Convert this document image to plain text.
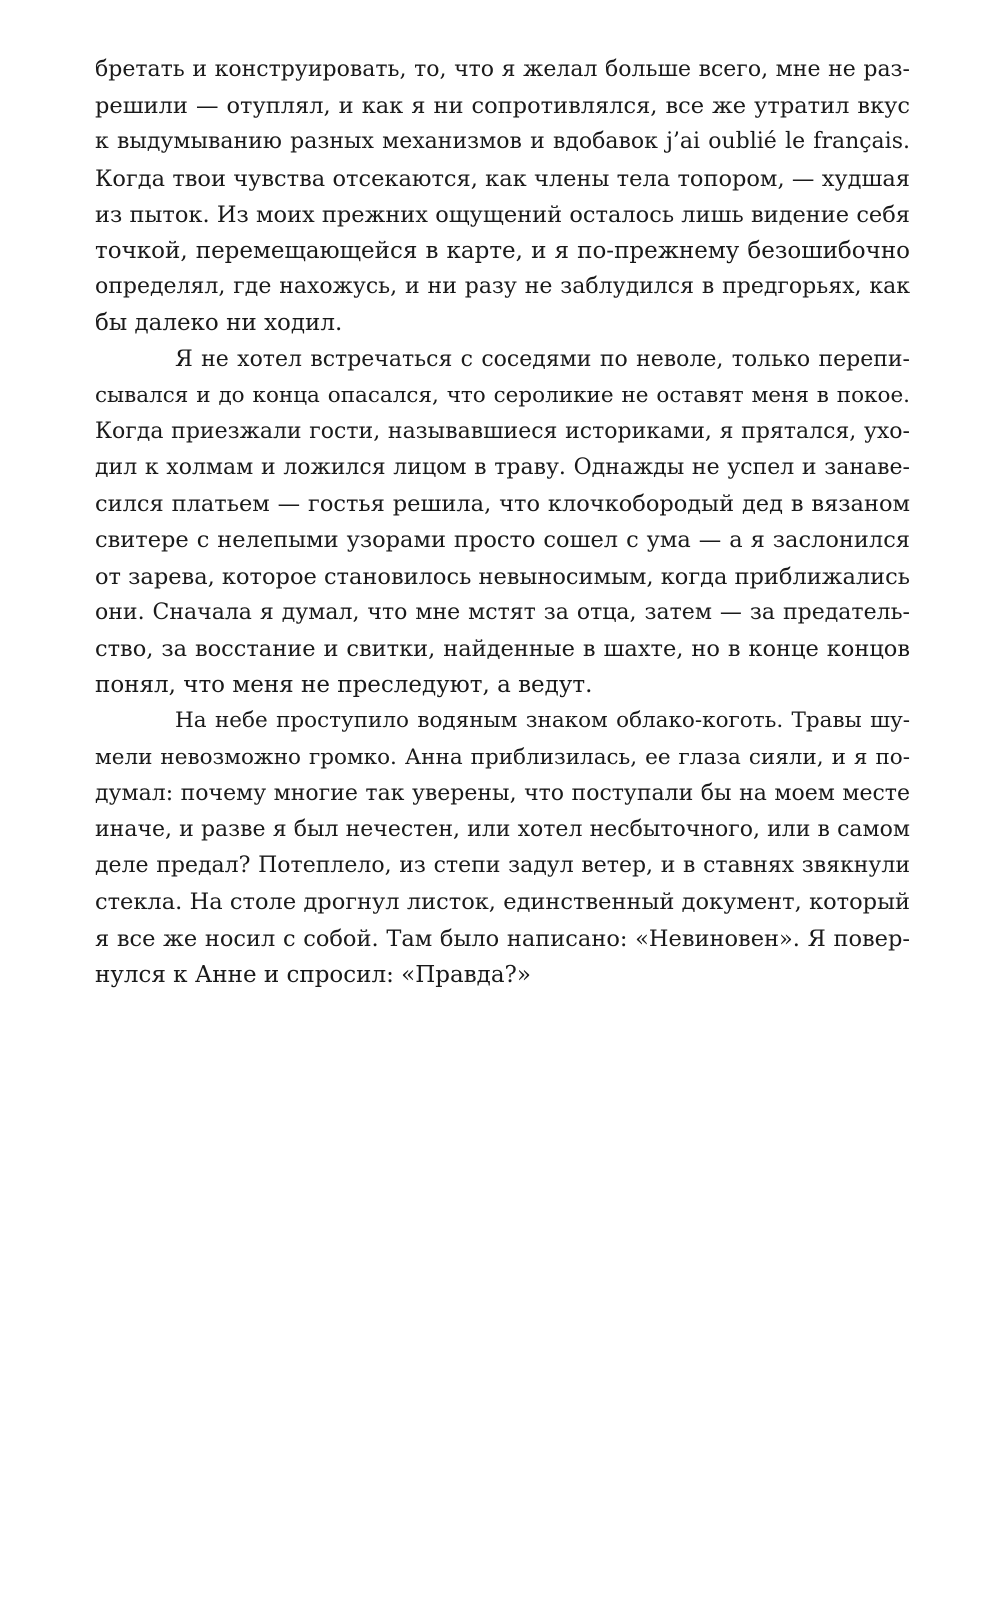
бретать и конструировать, то, что я желал больше всего, мне не раз-
решили — отуплял, и как я ни сопротивлялся, все же утратил вкус
к выдумыванию разных механизмов и вдобавок j’ai oublié le français.
Когда твои чувства отсекаются, как члены тела топором, — худшая
из пыток. Из моих прежних ощущений осталось лишь видение себя
точкой, перемещающейся в карте, и я по-прежнему безошибочно
определял, где нахожусь, и ни разу не заблудился в предгорьях, как
бы далеко ни ходил.
Я не хотел встречаться с соседями по неволе, только перепи-
сывался и до конца опасался, что сероликие не оставят меня в покое.
Когда приезжали гости, называвшиеся историками, я прятался, ухо-
дил к холмам и ложился лицом в траву. Однажды не успел и занаве-
сился платьем — гостья решила, что клочкобородый дед в вязаном
свитере с нелепыми узорами просто сошел с ума — а я заслонился
от зарева, которое становилось невыносимым, когда приближались
они. Сначала я думал, что мне мстят за отца, затем — за предатель-
ство, за восстание и свитки, найденные в шахте, но в конце концов
понял, что меня не преследуют, а ведут.
На небе проступило водяным знаком облако-коготь. Травы шу-
мели невозможно громко. Анна приблизилась, ее глаза сияли, и я по-
думал: почему многие так уверены, что поступали бы на моем месте
иначе, и разве я был нечестен, или хотел несбыточного, или в самом
деле предал? Потеплело, из степи задул ветер, и в ставнях звякнули
стекла. На столе дрогнул листок, единственный документ, который
я все же носил с собой. Там было написано: «Невиновен». Я повер-
нулся к Анне и спросил: «Правда?»
